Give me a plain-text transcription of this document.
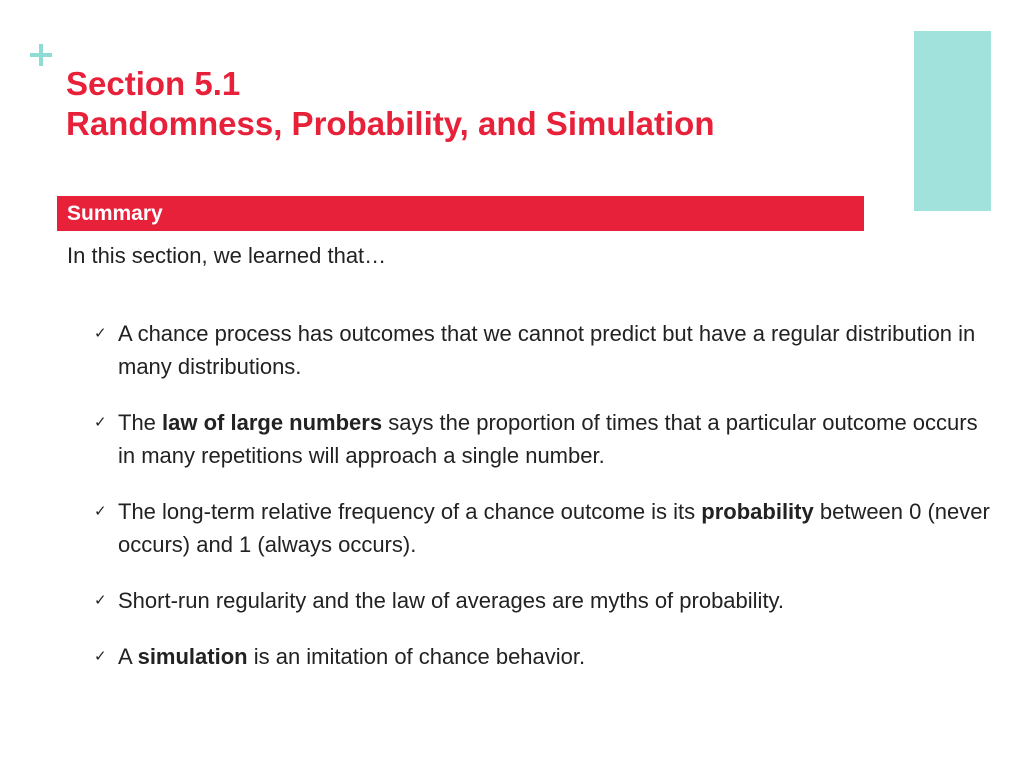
Section 5.1
Randomness, Probability, and Simulation
Summary
In this section, we learned that…
✓ A chance process has outcomes that we cannot predict but have a regular distribution in many distributions.
✓ The law of large numbers says the proportion of times that a particular outcome occurs in many repetitions will approach a single number.
✓ The long-term relative frequency of a chance outcome is its probability between 0 (never occurs) and 1 (always occurs).
✓ Short-run regularity and the law of averages are myths of probability.
✓ A simulation is an imitation of chance behavior.
